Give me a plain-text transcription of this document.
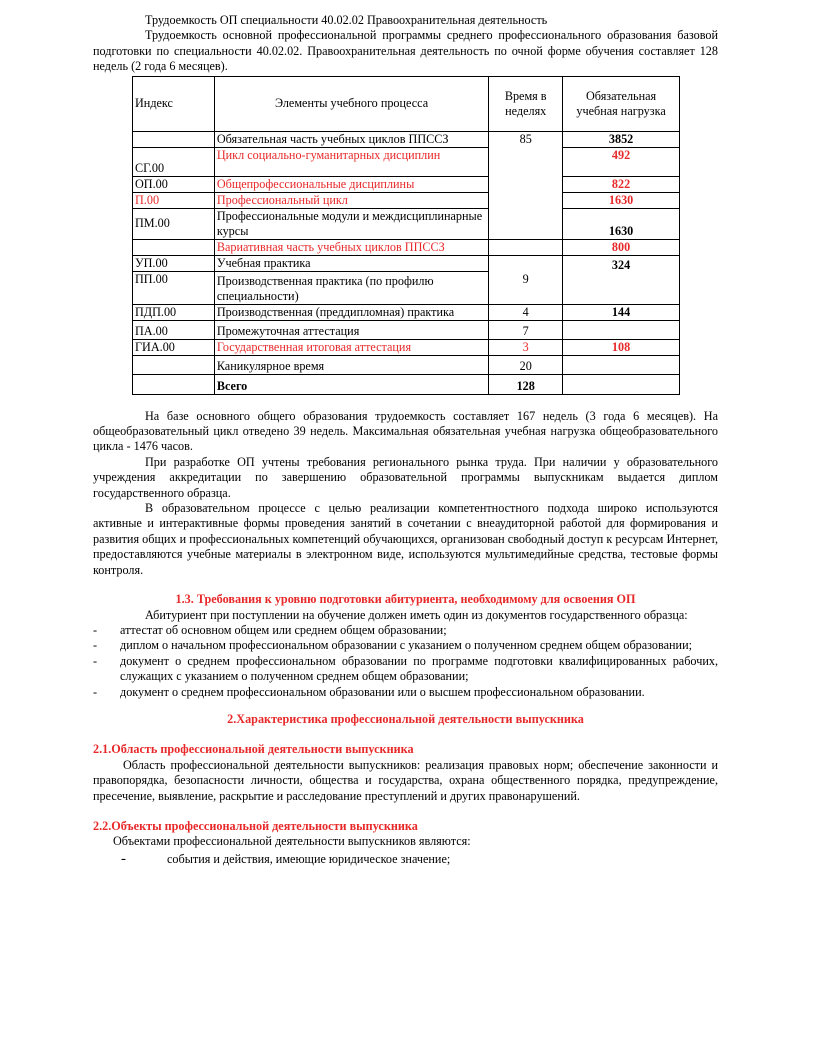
Трудоемкость ОП специальности 40.02.02 Правоохранительная деятельность

Трудоемкость основной профессиональной программы среднего профессионального образования базовой подготовки по специальности 40.02.02. Правоохранительная деятельность по очной форме обучения составляет 128 недель (2 года 6 месяцев).

Индекс	Элементы учебного процесса	Время в неделях	Обязательная учебная нагрузка
	Обязательная часть учебных циклов ППССЗ	85	3852
СГ.00	Цикл социально-гуманитарных дисциплин		492
ОП.00	Общепрофессиональные дисциплины		822
П.00	Профессиональный цикл		1630
ПМ.00	Профессиональные модули и междисциплинарные курсы		1630
	Вариативная часть учебных циклов ППССЗ		800
УП.00	Учебная практика	9	324
ПП.00	Производственная практика (по профилю специальности)		
ПДП.00	Производственная (преддипломная) практика	4	144
ПА.00	Промежуточная аттестация	7	
ГИА.00	Государственная итоговая аттестация	3	108
	Каникулярное время	20	
	Всего	128	

На базе основного общего образования трудоемкость составляет 167 недель (3 года 6 месяцев). На общеобразовательный цикл отведено 39 недель. Максимальная обязательная учебная нагрузка общеобразовательного цикла - 1476 часов.

При разработке ОП учтены требования регионального рынка труда. При наличии у образовательного учреждения аккредитации по завершению образовательной программы выпускникам выдается диплом государственного образца.

В образовательном процессе с целью реализации компетентностного подхода широко используются активные и интерактивные формы проведения занятий в сочетании с внеаудиторной работой для формирования и развития общих и профессиональных компетенций обучающихся, организован свободный доступ к ресурсам Интернет, предоставляются учебные материалы в электронном виде, используются мультимедийные средства, тестовые формы контроля.

1.3. Требования к уровню подготовки абитуриента, необходимому для освоения ОП

Абитуриент при поступлении на обучение должен иметь один из документов государственного образца:

- аттестат об основном общем или среднем общем образовании;
- диплом о начальном профессиональном образовании с указанием о полученном среднем общем образовании;
- документ о среднем профессиональном образовании по программе подготовки квалифицированных рабочих, служащих с указанием о полученном среднем общем образовании;
- документ о среднем профессиональном образовании или о высшем профессиональном образовании.
2.Характеристика профессиональной деятельности выпускника
2.1.Область профессиональной деятельности выпускника

Область профессиональной деятельности выпускников: реализация правовых норм; обеспечение законности и правопорядка, безопасности личности, общества и государства, охрана общественного порядка, предупреждение, пресечение, выявление, раскрытие и расследование преступлений и других правонарушений.

2.2.Объекты профессиональной деятельности выпускника

Объектами профессиональной деятельности выпускников являются:

-	события и действия, имеющие юридическое значение;
